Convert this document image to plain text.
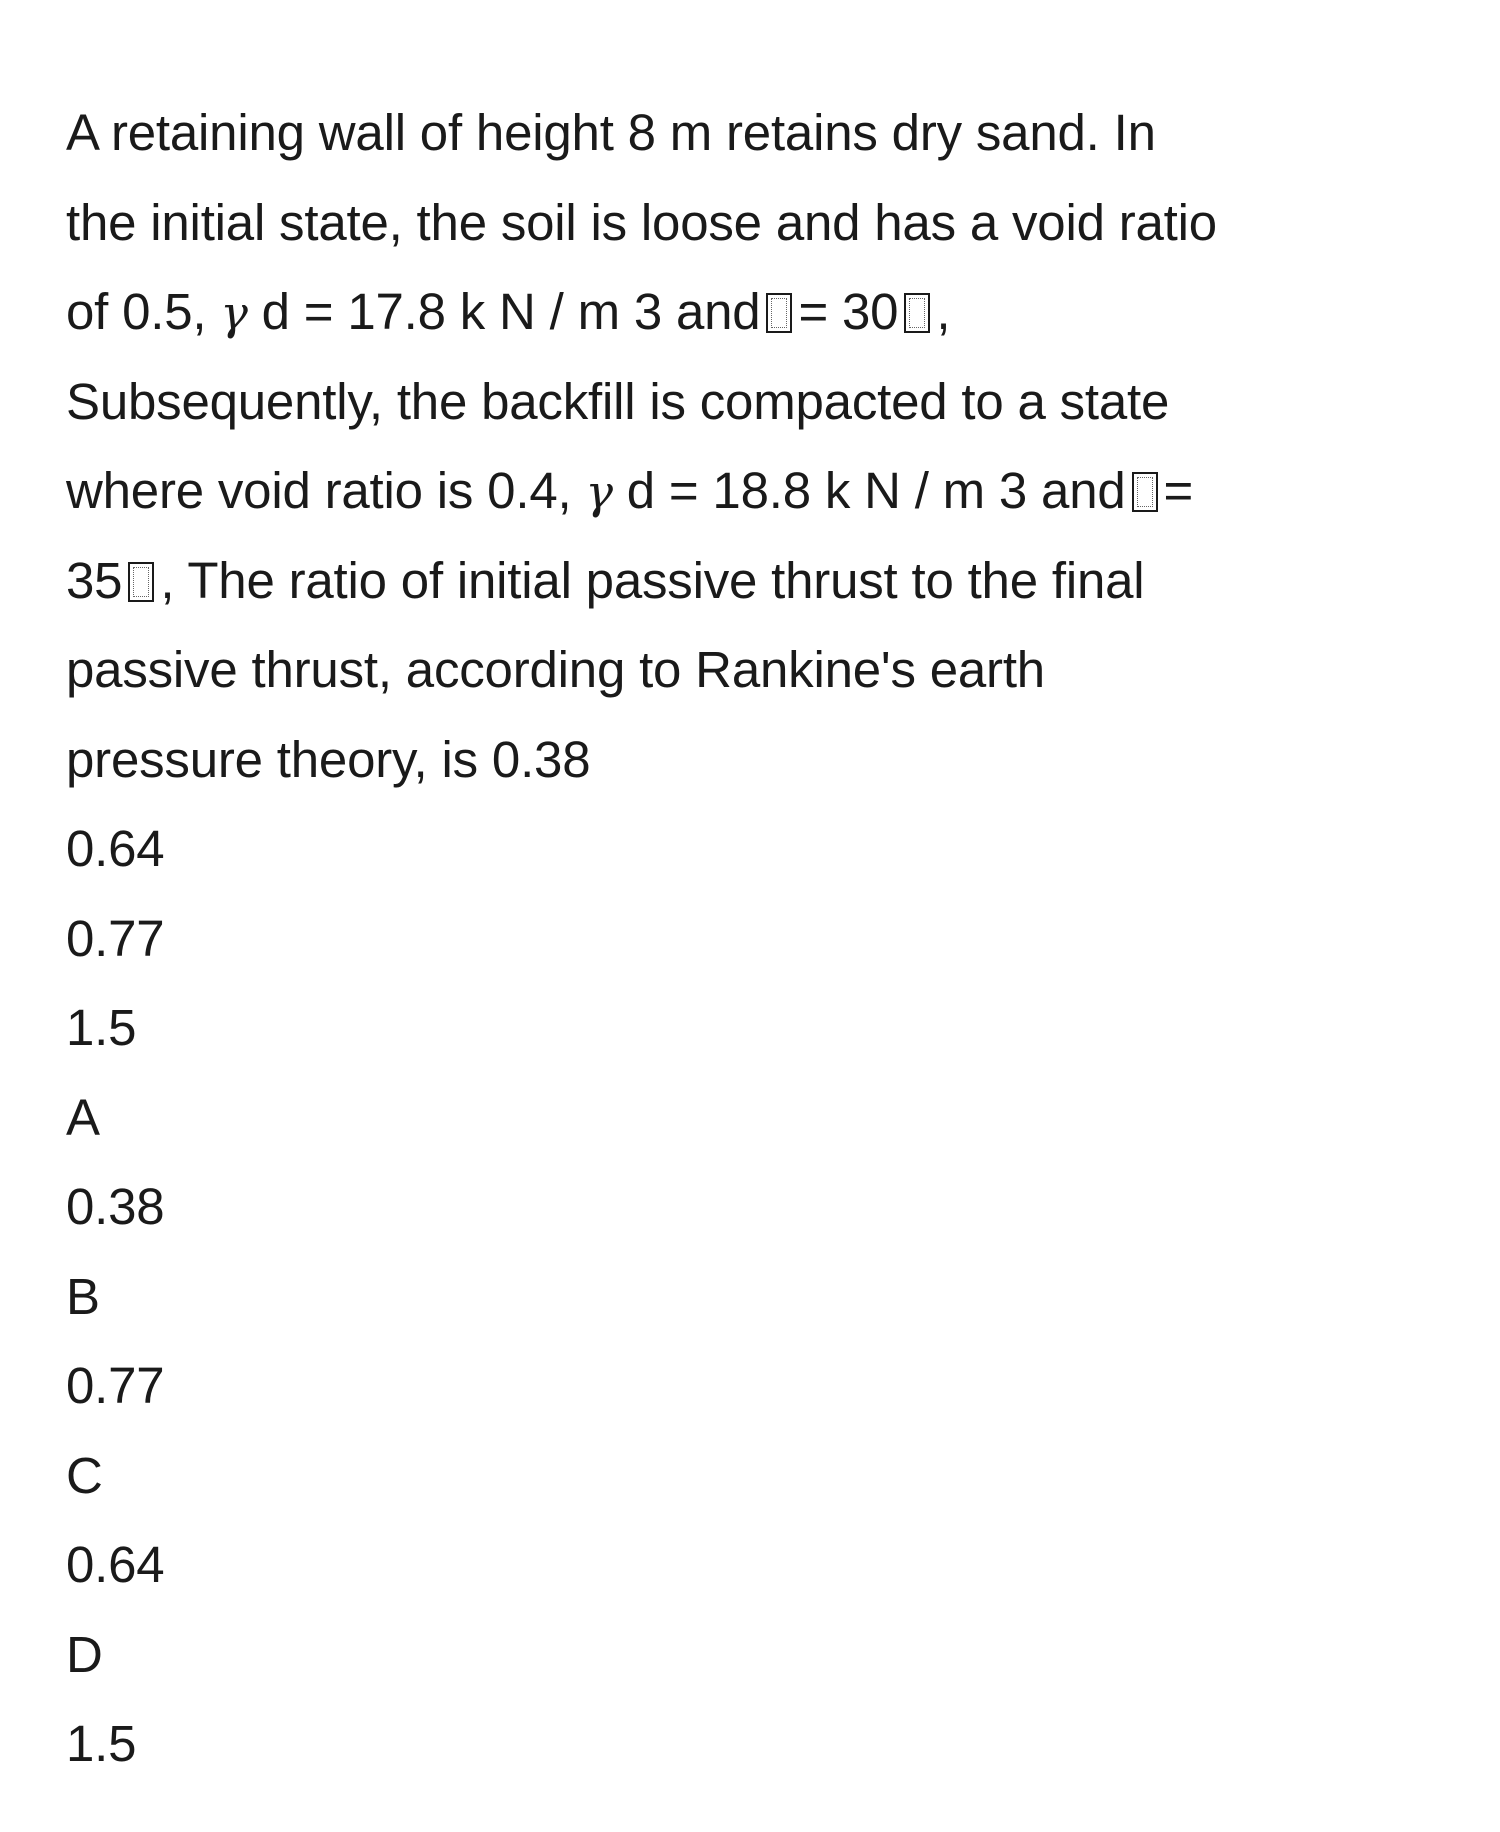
A retaining wall of height 8 m retains dry sand. In
the initial state, the soil is loose and has a void ratio
of 0.5, γ d = 17.8 k N / m 3 and = 30 ,
Subsequently, the backfill is compacted to a state
where void ratio is 0.4, γ d = 18.8 k N / m 3 and =
35 , The ratio of initial passive thrust to the final
passive thrust, according to Rankine's earth
pressure theory, is 0.38
0.64
0.77
1.5
A
0.38
B
0.77
C
0.64
D
1.5
